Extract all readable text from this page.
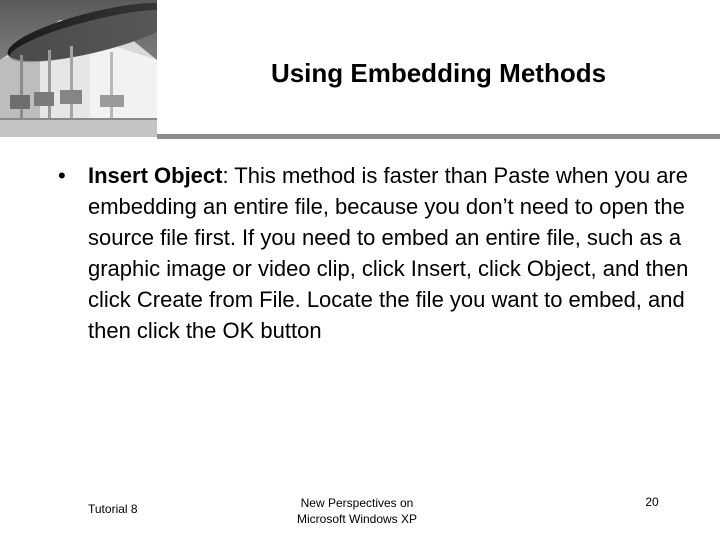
Using Embedding Methods
•	Insert Object: This method is faster than Paste when you are embedding an entire file, because you don’t need to open the source file first. If you need to embed an entire file, such as a graphic image or video clip, click Insert, click Object, and then click Create from File. Locate the file you want to embed, and then click the OK button
Tutorial 8	New Perspectives on
Microsoft Windows XP
20
